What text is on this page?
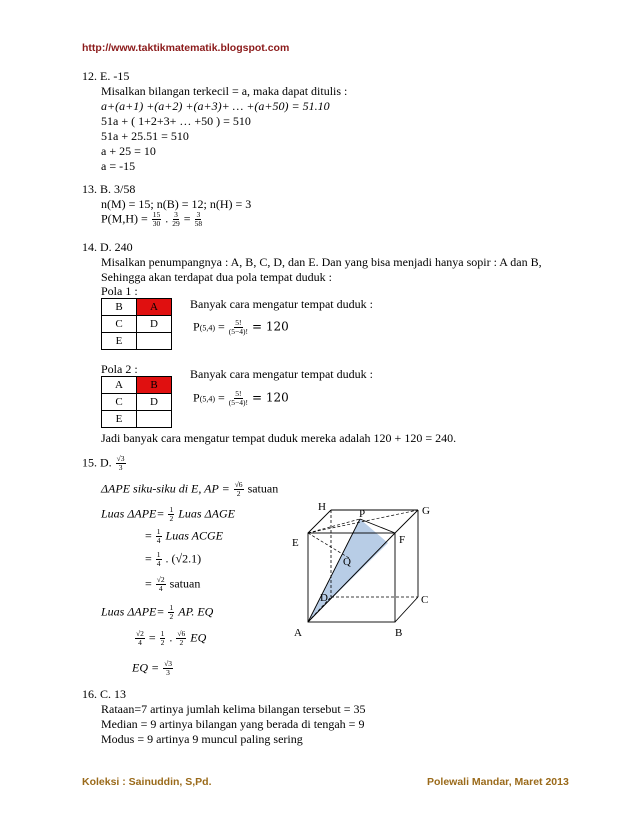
http://www.taktikmatematik.blogspot.com
12. E. -15
Misalkan bilangan terkecil = a, maka dapat ditulis :
a+(a+1) +(a+2) +(a+3)+ … +(a+50) = 51.10
51a + ( 1+2+3+ … +50 ) = 510
51a + 25.51 = 510
a + 25 = 10
a = -15
13. B. 3/58
n(M) = 15; n(B) = 12; n(H) = 3
$P(M,H) = \frac{15}{30}$ . $\frac{3}{29} = \frac{3}{58}$
14. D. 240
Misalkan penumpangnya : A, B, C, D, dan E. Dan yang bisa menjadi hanya sopir : A dan B,
Sehingga akan terdapat dua pola tempat duduk :
Pola 1 :
B	A
C	D
E	
Banyak cara mengatur tempat duduk :
$P(5,4) = \frac{5!}{(5-4)!} = 120$
Pola 2 :
A	B
C	D
E	
Banyak cara mengatur tempat duduk :
$P(5,4) = \frac{5!}{(5-4)!} = 120$
Jadi banyak cara mengatur tempat duduk mereka adalah 120 + 120 = 240.
15. D. $\frac{√3}{3}$
ΔAPE siku-siku di E, AP = $\frac{√6}{2}$ satuan
Luas $\Delta APE= \frac{1}{2}$ Luas ΔAGE
= $\frac{1}{4}$ Luas ACGE
= $\frac{1}{4}$ . (√2.1)
= $\frac{√2}{4}$ satuan
Luas $\Delta APE= \frac{1}{2}$ AP. EQ
$\frac{√2}{4} = \frac{1}{2}$ . $\frac{√6}{2}$ EQ
EQ = $\frac{√3}{3}$
H	G
P
E	F
Q
D	C
A	B
16. C. 13
Rataan=7 artinya jumlah kelima bilangan tersebut = 35
Median = 9 artinya bilangan yang berada di tengah = 9
Modus = 9 artinya 9 muncul paling sering
Koleksi : Sainuddin, S,Pd.	Polewali Mandar, Maret 2013
